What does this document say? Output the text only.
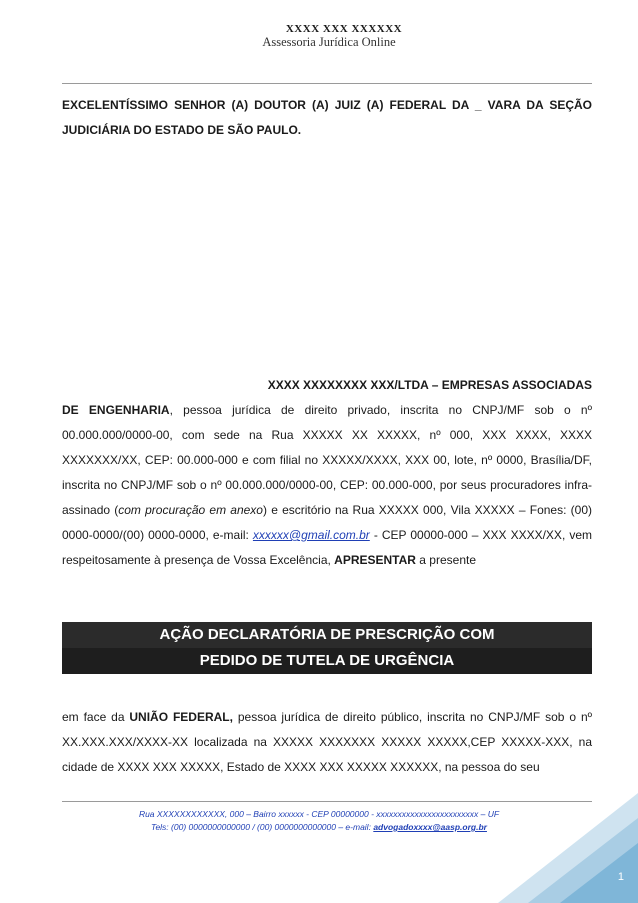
XXXX XXX XXXXXX
Assessoria Jurídica Online
EXCELENTÍSSIMO SENHOR (A) DOUTOR (A) JUIZ (A) FEDERAL DA _ VARA DA SEÇÃO JUDICIÁRIA DO ESTADO DE SÃO PAULO.
XXXX XXXXXXXX XXX/LTDA – EMPRESAS ASSOCIADAS
DE ENGENHARIA, pessoa jurídica de direito privado, inscrita no CNPJ/MF sob o nº 00.000.000/0000-00, com sede na Rua XXXXX XX XXXXX, nº 000, XXX XXXX, XXXX XXXXXXX/XX, CEP: 00.000-000 e com filial no XXXXX/XXXX, XXX 00, lote, nº 0000, Brasília/DF, inscrita no CNPJ/MF sob o nº 00.000.000/0000-00, CEP: 00.000-000, por seus procuradores infra-assinado (com procuração em anexo) e escritório na Rua XXXXX 000, Vila XXXXX – Fones: (00) 0000-0000/(00) 0000-0000, e-mail: xxxxxx@gmail.com.br - CEP 00000-000 – XXX XXXX/XX, vem respeitosamente à presença de Vossa Excelência, APRESENTAR a presente
AÇÃO DECLARATÓRIA DE PRESCRIÇÃO COM
PEDIDO DE TUTELA DE URGÊNCIA
em face da UNIÃO FEDERAL, pessoa jurídica de direito público, inscrita no CNPJ/MF sob o nº XX.XXX.XXX/XXXX-XX localizada na XXXXX XXXXXXX XXXXX XXXXX,CEP XXXXX-XXX, na cidade de XXXX XXX XXXXX, Estado de XXXX XXX XXXXX XXXXXX, na pessoa do seu
Rua XXXXXXXXXXXX, 000 – Bairro xxxxxx - CEP 00000000 - xxxxxxxxxxxxxxxxxxxxxxxx – UF
Tels: (00) 0000000000000 / (00) 0000000000000 – e-mail: advogadoxxxx@aasp.org.br
1
